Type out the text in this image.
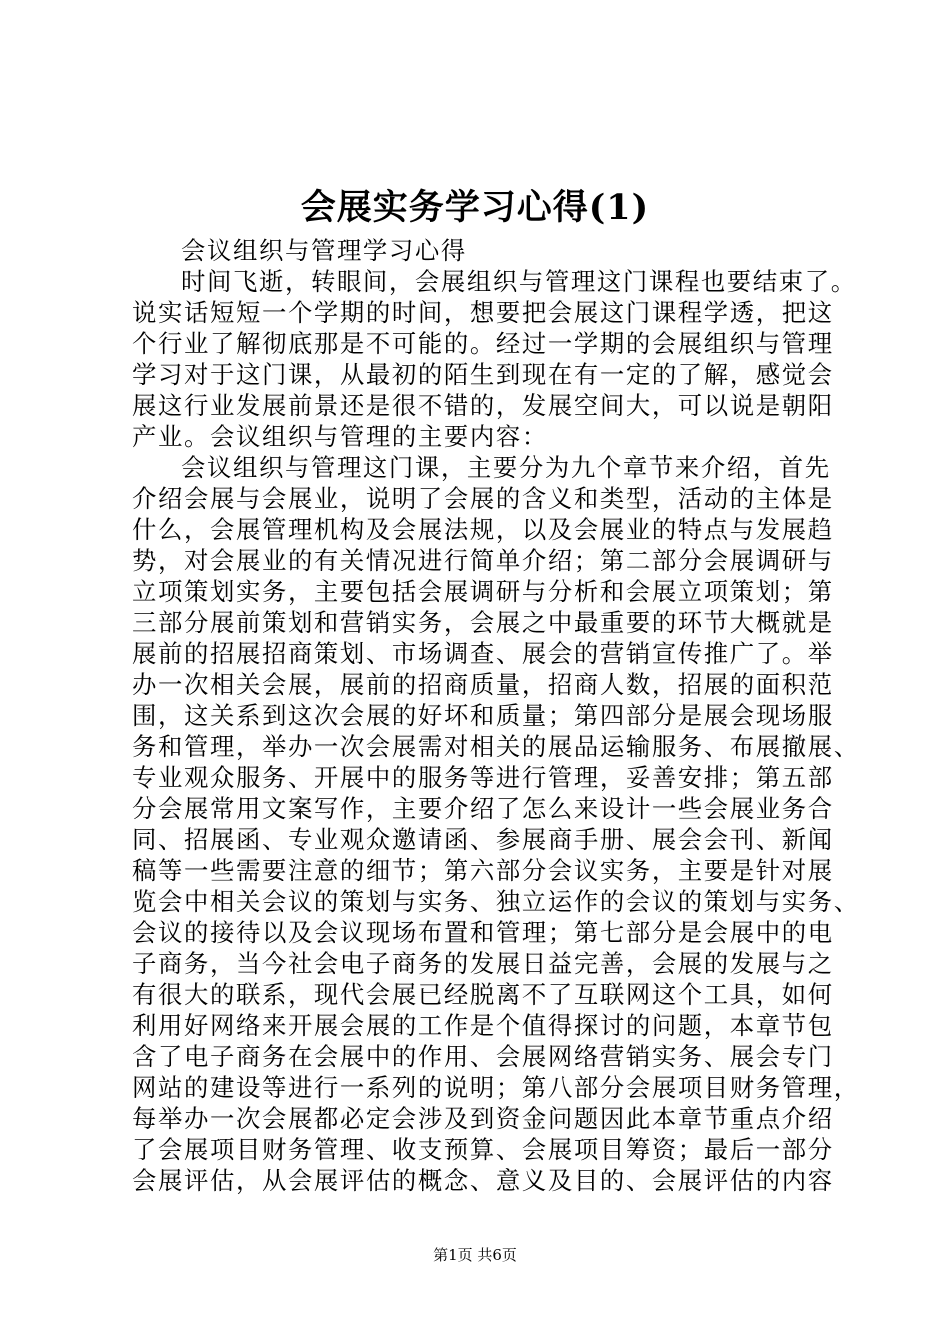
会展实务学习心得(1)
会议组织与管理学习心得
时间飞逝，转眼间，会展组织与管理这门课程也要结束了。
说实话短短一个学期的时间，想要把会展这门课程学透，把这
个行业了解彻底那是不可能的。经过一学期的会展组织与管理
学习对于这门课，从最初的陌生到现在有一定的了解，感觉会
展这行业发展前景还是很不错的，发展空间大，可以说是朝阳
产业。会议组织与管理的主要内容：
会议组织与管理这门课，主要分为九个章节来介绍，首先
介绍会展与会展业，说明了会展的含义和类型，活动的主体是
什么，会展管理机构及会展法规，以及会展业的特点与发展趋
势，对会展业的有关情况进行简单介绍；第二部分会展调研与
立项策划实务，主要包括会展调研与分析和会展立项策划；第
三部分展前策划和营销实务，会展之中最重要的环节大概就是
展前的招展招商策划、市场调查、展会的营销宣传推广了。举
办一次相关会展，展前的招商质量，招商人数，招展的面积范
围，这关系到这次会展的好坏和质量；第四部分是展会现场服
务和管理，举办一次会展需对相关的展品运输服务、布展撤展、
专业观众服务、开展中的服务等进行管理，妥善安排；第五部
分会展常用文案写作，主要介绍了怎么来设计一些会展业务合
同、招展函、专业观众邀请函、参展商手册、展会会刊、新闻
稿等一些需要注意的细节；第六部分会议实务，主要是针对展
览会中相关会议的策划与实务、独立运作的会议的策划与实务、
会议的接待以及会议现场布置和管理；第七部分是会展中的电
子商务，当今社会电子商务的发展日益完善，会展的发展与之
有很大的联系，现代会展已经脱离不了互联网这个工具，如何
利用好网络来开展会展的工作是个值得探讨的问题，本章节包
含了电子商务在会展中的作用、会展网络营销实务、展会专门
网站的建设等进行一系列的说明；第八部分会展项目财务管理，
每举办一次会展都必定会涉及到资金问题因此本章节重点介绍
了会展项目财务管理、收支预算、会展项目筹资；最后一部分
会展评估，从会展评估的概念、意义及目的、会展评估的内容
第1页 共6页
